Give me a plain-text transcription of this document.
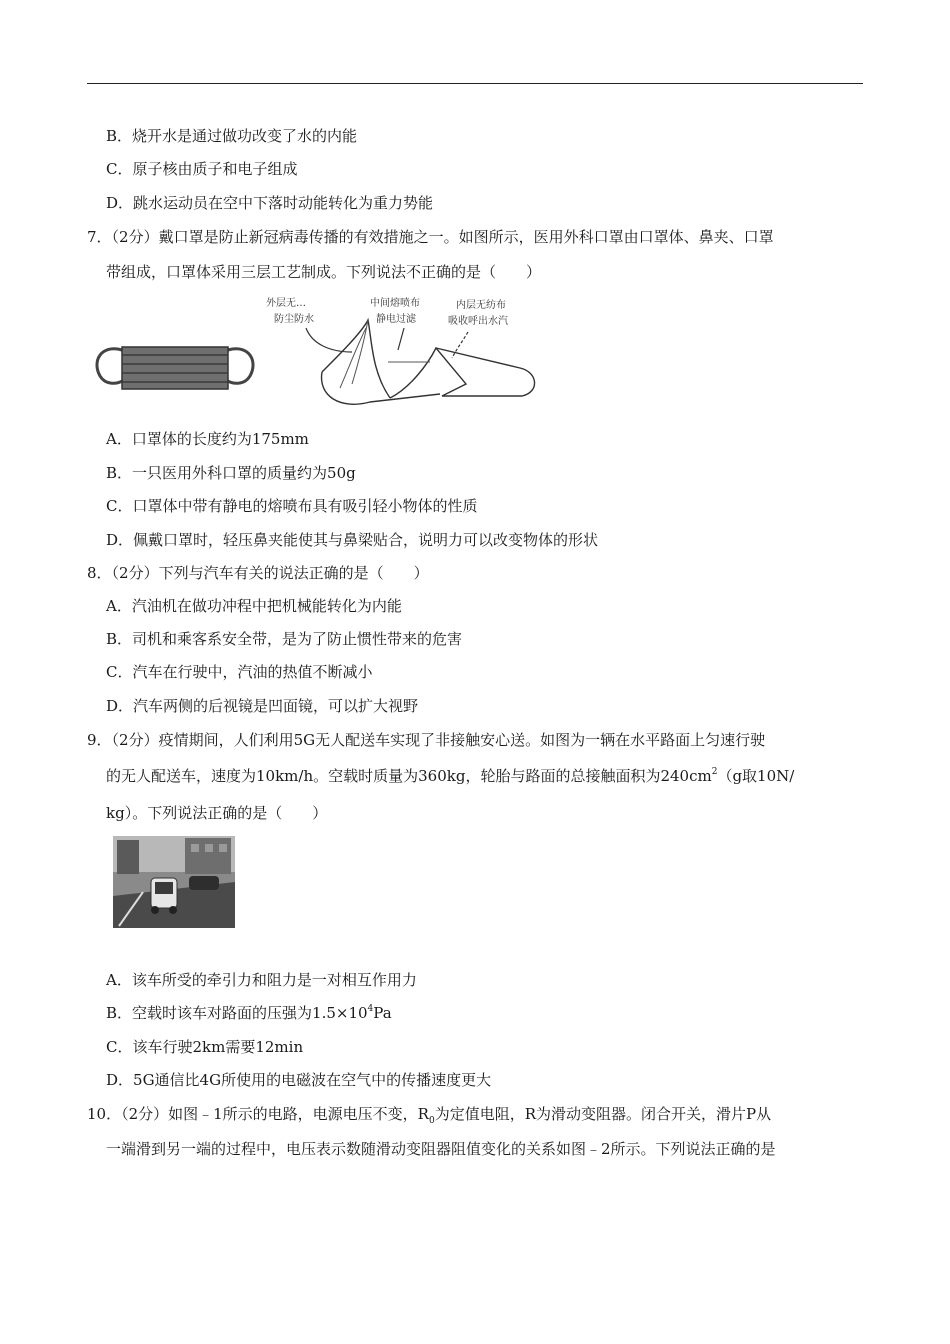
B．烧开水是通过做功改变了水的内能
C．原子核由质子和电子组成
D．跳水运动员在空中下落时动能转化为重力势能
7．（2分）戴口罩是防止新冠病毒传播的有效措施之一。如图所示，医用外科口罩由口罩体、鼻夹、口罩
带组成，口罩体采用三层工艺制成。下列说法不正确的是（　　）
外层无…
防尘防水
中间熔喷布
静电过滤
内层无纺布
吸收呼出水汽
A．口罩体的长度约为175mm
B．一只医用外科口罩的质量约为50g
C．口罩体中带有静电的熔喷布具有吸引轻小物体的性质
D．佩戴口罩时，轻压鼻夹能使其与鼻梁贴合，说明力可以改变物体的形状
8．（2分）下列与汽车有关的说法正确的是（　　）
A．汽油机在做功冲程中把机械能转化为内能
B．司机和乘客系安全带，是为了防止惯性带来的危害
C．汽车在行驶中，汽油的热值不断减小
D．汽车两侧的后视镜是凹面镜，可以扩大视野
9．（2分）疫情期间，人们利用5G无人配送车实现了非接触安心送。如图为一辆在水平路面上匀速行驶
的无人配送车，速度为10km/h。空载时质量为360kg，轮胎与路面的总接触面积为$240cm^2(g$取10N/
kg）。下列说法正确的是（　　）
A．该车所受的牵引力和阻力是一对相互作用力
B．空载时该车对路面的压强为$1.5\times 10^4Pa$
C．该车行驶2km需要12min
D．5G通信比4G所使用的电磁波在空气中的传播速度更大
10．（2分）如图﹣1所示的电路，电源电压不变，$R_0$为定值电阻，R为滑动变阻器。闭合开关，滑片P从
一端滑到另一端的过程中，电压表示数随滑动变阻器阻值变化的关系如图﹣2所示。下列说法正确的是
